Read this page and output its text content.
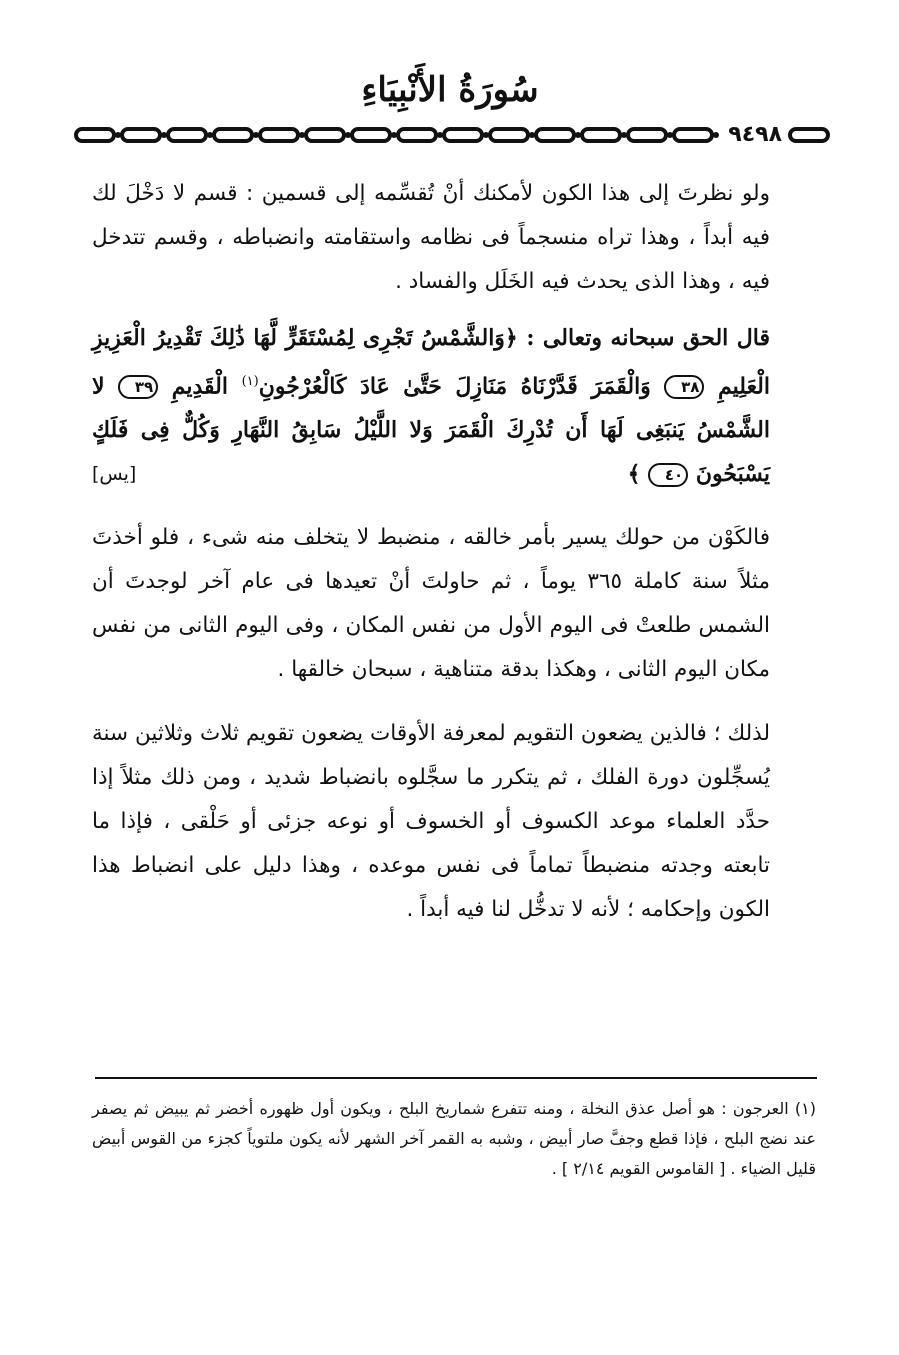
سُورَةُ الأَنْبِيَاءِ
٩٤٩٨

ولو نظرتَ إلى هذا الكون لأمكنك أنْ تُقسِّمه إلى قسمين : قسم لا دَخْلَ لك فيه أبداً ، وهذا تراه منسجماً فى نظامه واستقامته وانضباطه ، وقسم تتدخل فيه ، وهذا الذى يحدث فيه الخَلَل والفساد .

قال الحق سبحانه وتعالى : ﴿وَالشَّمْسُ تَجْرِى لِمُسْتَقَرٍّ لَّهَا ذَٰلِكَ تَقْدِيرُ الْعَزِيزِ الْعَلِيمِ ٣٨ وَالْقَمَرَ قَدَّرْنَاهُ مَنَازِلَ حَتَّىٰ عَادَ كَالْعُرْجُونِ$^{(١)}$ الْقَدِيمِ ٣٩ لا الشَّمْسُ يَنبَغِى لَهَا أَن تُدْرِكَ الْقَمَرَ وَلا اللَّيْلُ سَابِقُ النَّهَارِ وَكُلٌّ فِى فَلَكٍ يَسْبَحُونَ ٤٠ ﴾
[يس]

فالكَوْن من حولك يسير بأمر خالقه ، منضبط لا يتخلف منه شىء ، فلو أخذتَ مثلاً سنة كاملة ٣٦٥ يوماً ، ثم حاولتَ أنْ تعيدها فى عام آخر لوجدتَ أن الشمس طلعتْ فى اليوم الأول من نفس المكان ، وفى اليوم الثانى من نفس مكان اليوم الثانى ، وهكذا بدقة متناهية ، سبحان خالقها .

لذلك ؛ فالذين يضعون التقويم لمعرفة الأوقات يضعون تقويم ثلاث وثلاثين سنة يُسجِّلون دورة الفلك ، ثم يتكرر ما سجَّلوه بانضباط شديد ، ومن ذلك مثلاً إذا حدَّد العلماء موعد الكسوف أو الخسوف أو نوعه جزئى أو حَلْقى ، فإذا ما تابعته وجدته منضبطاً تماماً فى نفس موعده ، وهذا دليل على انضباط هذا الكون وإحكامه ؛ لأنه لا تدخُّل لنا فيه أبداً .

(١) العرجون : هو أصل عذق النخلة ، ومنه تتفرع شماريخ البلح ، ويكون أول ظهوره أخضر ثم يبيض ثم يصفر عند نضج البلح ، فإذا قطع وجفَّ صار أبيض ، وشبه به القمر آخر الشهر لأنه يكون ملتوياً كجزء من القوس أبيض قليل الضياء . [ القاموس القويم ٢/١٤ ] .
